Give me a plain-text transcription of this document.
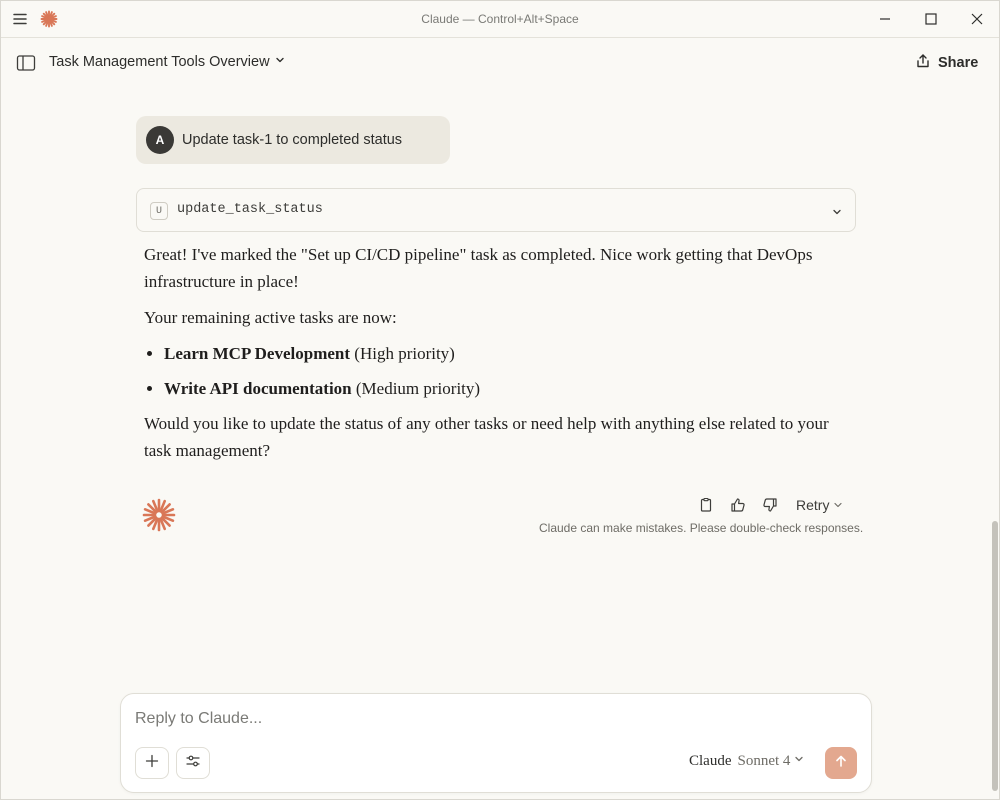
Claude — Control+Alt+Space
Task Management Tools Overview	Share
A	Update task-1 to completed status
U	update_task_status

Great! I've marked the "Set up CI/CD pipeline" task as completed. Nice work getting that DevOps infrastructure in place!

Your remaining active tasks are now:

• Learn MCP Development (High priority)
• Write API documentation (Medium priority)

Would you like to update the status of any other tasks or need help with anything else related to your task management?

Retry
Claude can make mistakes. Please double-check responses.
Reply to Claude...
Claude Sonnet 4
